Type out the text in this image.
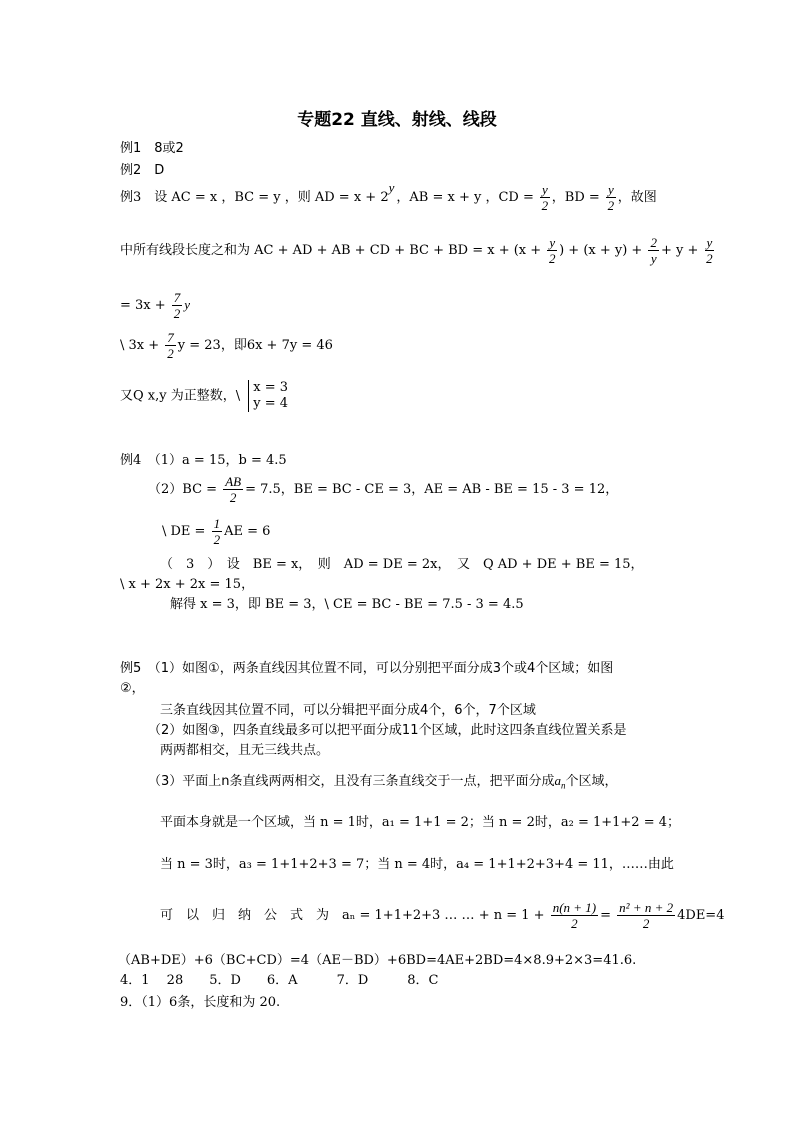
专题22 直线、射线、线段
例1　8或2
例2　D
例3　设 AC = x ，BC = y ，则 AD = x + 2y，AB = x + y ，CD = $\frac{y}{2}$ ，BD = $\frac{y}{2}$ ，故图
中所有线段长度之和为 AC + AD + AB + CD + BC + BD = $x + (x + \frac{y}{2}$ ) + $(x + y) + \frac{2}{y} + y + \frac{y}{2}$
= $3x + \frac{7}{2}$ y
\ $3x + \frac{7}{2}$ y = 23，即6x + 7y = 46
又Q x,y 为正整数，\
x = 3
y = 4
例4　（1）a = 15，b = 4.5
$(2)BC = \frac{AB}{2} = 7.5$，BE = BC - CE = 3，AE = AB - BE = 15 - 3 = 12，
\ DE = $\frac{1}{2}$ AE = 6
（　3　）　设　BE = x，　则　AD = DE = 2x，　又　Q AD + DE + BE = 15，
\ x + 2x + 2x = 15，
解得 x = 3，即 BE = 3，\ CE = BC - BE = 7.5 - 3 = 4.5
例5　（1）如图①，两条直线因其位置不同，可以分别把平面分成3个或4个区域；如图
②，
三条直线因其位置不同，可以分辑把平面分成4个，6个，7个区域
（2）如图③，四条直线最多可以把平面分成11个区域，此时这四条直线位置关系是
两两都相交，且无三线共点。
（3）平面上n条直线两两相交，且没有三条直线交于一点，把平面分成$a_n$个区域，
平面本身就是一个区域，当 n = 1时，a₁ = 1+1 = 2；当 n = 2时，a₂ = 1+1+2 = 4；
当 n = 3时，a₃ = 1+1+2+3 = 7；当 n = 4时，a₄ = 1+1+2+3+4 = 11，……由此
可　以　归　纳　公　式　为　aₙ = 1+1+2+3 … … + $n = 1 + \frac{n(n + 1)}{2} = \frac{\text{n² + n + 2}}{2} 4DE=4$
（AB+DE）+6（BC+CD）=4（AE－BD）+6BD=4AE+2BD=4×8.9+2×3=41.6.
4．1　 28　　5．D　　6．A　　　7．D　　　8．C
9．（1）6条，长度和为 20.
